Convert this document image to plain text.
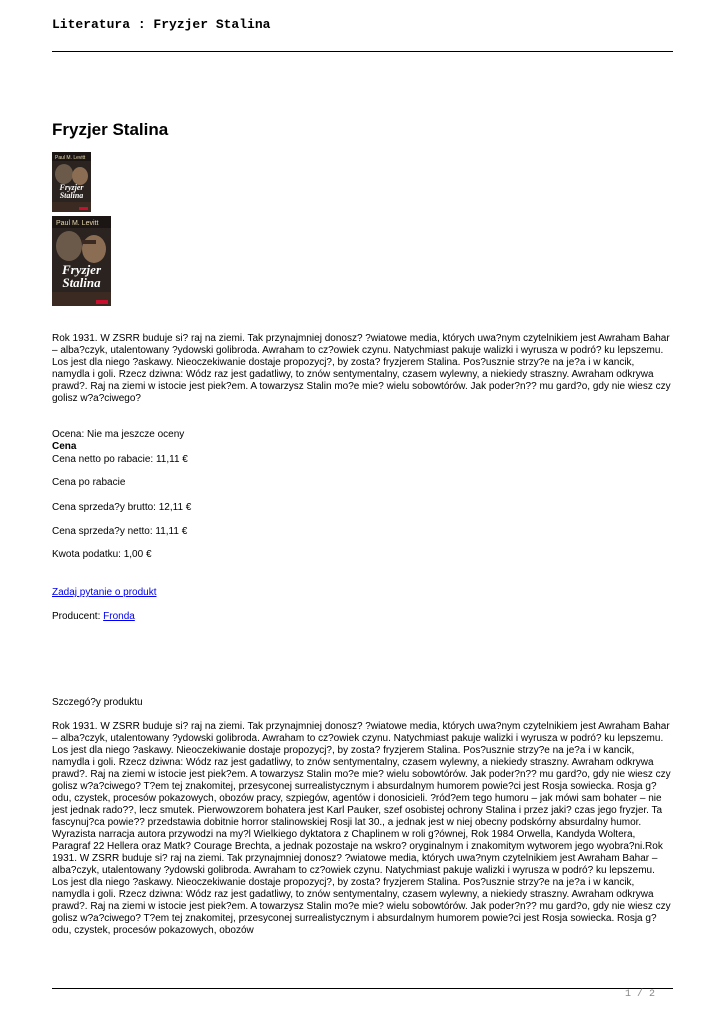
Literatura : Fryzjer Stalina
Fryzjer Stalina
Paul M. Levitt
Fryzjer
Stalina
Paul M. Levitt
Fryzjer
Stalina

Rok 1931. W ZSRR buduje si? raj na ziemi. Tak przynajmniej donosz? ?wiatowe media, których uwa?nym czytelnikiem jest Awraham Bahar – alba?czyk, utalentowany ?ydowski golibroda. Awraham to cz?owiek czynu. Natychmiast pakuje walizki i wyrusza w podró? ku lepszemu. Los jest dla niego ?askawy. Nieoczekiwanie dostaje propozycj?, by zosta? fryzjerem Stalina. Pos?usznie strzy?e na je?a i w kancik, namydla i goli. Rzecz dziwna: Wódz raz jest gadatliwy, to znów sentymentalny, czasem wylewny, a niekiedy straszny. Awraham odkrywa prawd?. Raj na ziemi w istocie jest piek?em. A towarzysz Stalin mo?e mie? wielu sobowtórów. Jak poder?n?? mu gard?o, gdy nie wiesz czy golisz w?a?ciwego?

Ocena: Nie ma jeszcze oceny

Cena

Cena netto po rabacie: 11,11 €

Cena po rabacie

Cena sprzeda?y brutto: 12,11 €

Cena sprzeda?y netto: 11,11 €

Kwota podatku: 1,00 €

Zadaj pytanie o produkt

Producent: Fronda

Szczegó?y produktu

Rok 1931. W ZSRR buduje si? raj na ziemi. Tak przynajmniej donosz? ?wiatowe media, których uwa?nym czytelnikiem jest Awraham Bahar – alba?czyk, utalentowany ?ydowski golibroda. Awraham to cz?owiek czynu. Natychmiast pakuje walizki i wyrusza w podró? ku lepszemu. Los jest dla niego ?askawy. Nieoczekiwanie dostaje propozycj?, by zosta? fryzjerem Stalina. Pos?usznie strzy?e na je?a i w kancik, namydla i goli. Rzecz dziwna: Wódz raz jest gadatliwy, to znów sentymentalny, czasem wylewny, a niekiedy straszny. Awraham odkrywa prawd?. Raj na ziemi w istocie jest piek?em. A towarzysz Stalin mo?e mie? wielu sobowtórów. Jak poder?n?? mu gard?o, gdy nie wiesz czy golisz w?a?ciwego? T?em tej znakomitej, przesyconej surrealistycznym i absurdalnym humorem powie?ci jest Rosja sowiecka. Rosja g?odu, czystek, procesów pokazowych, obozów pracy, szpiegów, agentów i donosicieli. ?ród?em tego humoru – jak mówi sam bohater – nie jest jednak rado??, lecz smutek. Pierwowzorem bohatera jest Karl Pauker, szef osobistej ochrony Stalina i przez jaki? czas jego fryzjer. Ta fascynuj?ca powie?? przedstawia dobitnie horror stalinowskiej Rosji lat 30., a jednak jest w niej obecny podskórny absurdalny humor. Wyrazista narracja autora przywodzi na my?l Wielkiego dyktatora z Chaplinem w roli g?ównej, Rok 1984 Orwella, Kandyda Woltera, Paragraf 22 Hellera oraz Matk? Courage Brechta, a jednak pozostaje na wskro? oryginalnym i znakomitym wytworem jego wyobra?ni.Rok 1931. W ZSRR buduje si? raj na ziemi. Tak przynajmniej donosz? ?wiatowe media, których uwa?nym czytelnikiem jest Awraham Bahar – alba?czyk, utalentowany ?ydowski golibroda. Awraham to cz?owiek czynu. Natychmiast pakuje walizki i wyrusza w podró? ku lepszemu. Los jest dla niego ?askawy. Nieoczekiwanie dostaje propozycj?, by zosta? fryzjerem Stalina. Pos?usznie strzy?e na je?a i w kancik, namydla i goli. Rzecz dziwna: Wódz raz jest gadatliwy, to znów sentymentalny, czasem wylewny, a niekiedy straszny. Awraham odkrywa prawd?. Raj na ziemi w istocie jest piek?em. A towarzysz Stalin mo?e mie? wielu sobowtórów. Jak poder?n?? mu gard?o, gdy nie wiesz czy golisz w?a?ciwego? T?em tej znakomitej, przesyconej surrealistycznym i absurdalnym humorem powie?ci jest Rosja sowiecka. Rosja g?odu, czystek, procesów pokazowych, obozów

1 / 2
